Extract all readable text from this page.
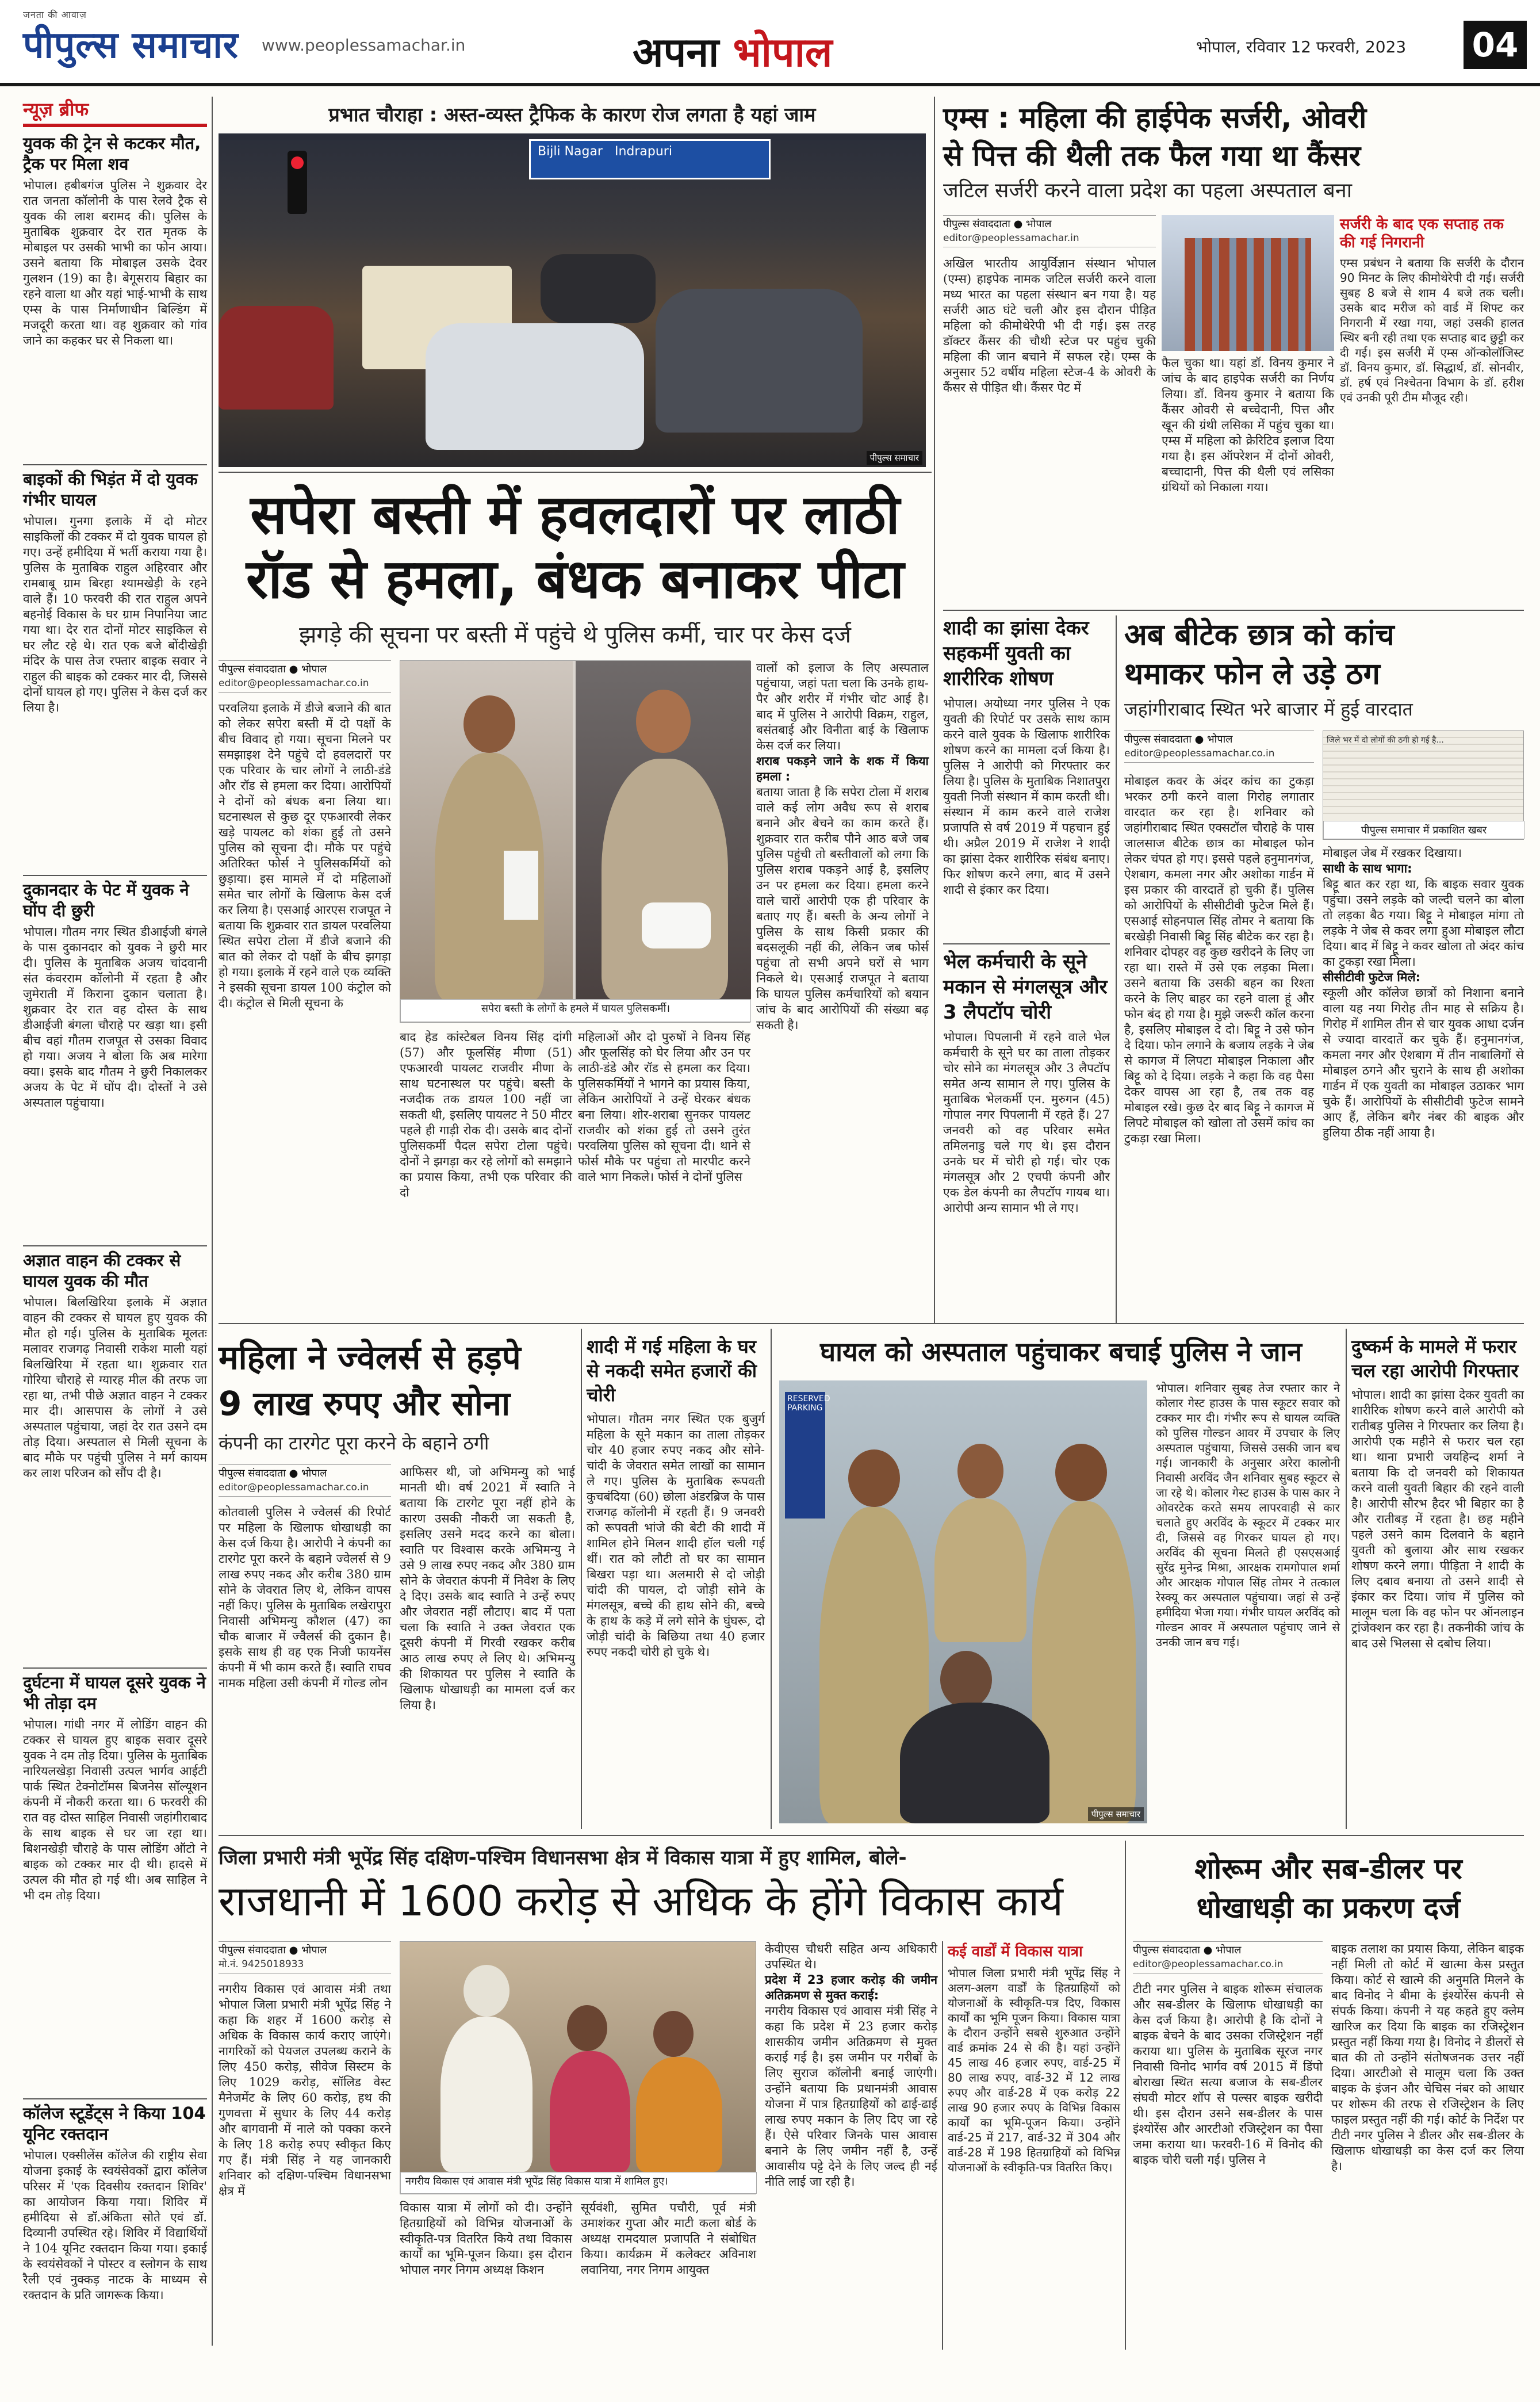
जनता की आवाज़
पीपुल्स समाचार www.peoplessamachar.in	अपना भोपाल	भोपाल, रविवार 12 फरवरी, 2023 04
न्यूज़ ब्रीफ
युवक की ट्रेन से कटकर मौत, ट्रैक पर मिला शव
भोपाल। हबीबगंज पुलिस ने शुक्रवार देर रात जनता कॉलोनी के पास रेलवे ट्रैक से युवक की लाश बरामद की। पुलिस के मुताबिक शुक्रवार देर रात मृतक के मोबाइल पर उसकी भाभी का फोन आया। उसने बताया कि मोबाइल उसके देवर गुलशन (19) का है। बेगूसराय बिहार का रहने वाला था और यहां भाई-भाभी के साथ एम्स के पास निर्माणाधीन बिल्डिंग में मजदूरी करता था। वह शुक्रवार को गांव जाने का कहकर घर से निकला था।
बाइकों की भिड़ंत में दो युवक गंभीर घायल
भोपाल। गुनगा इलाके में दो मोटर साइकिलों की टक्कर में दो युवक घायल हो गए। उन्हें हमीदिया में भर्ती कराया गया है। पुलिस के मुताबिक राहुल अहिरवार और रामबाबू ग्राम बिरहा श्यामखेड़ी के रहने वाले हैं। 10 फरवरी की रात राहुल अपने बहनोई विकास के घर ग्राम निपानिया जाट गया था। देर रात दोनों मोटर साइकिल से घर लौट रहे थे। रात एक बजे बोंदीखेड़ी मंदिर के पास तेज रफ्तार बाइक सवार ने राहुल की बाइक को टक्कर मार दी, जिससे दोनों घायल हो गए। पुलिस ने केस दर्ज कर लिया है।
दुकानदार के पेट में युवक ने घोंप दी छुरी
भोपाल। गौतम नगर स्थित डीआईजी बंगले के पास दुकानदार को युवक ने छुरी मार दी। पुलिस के मुताबिक अजय चांदवानी संत कंवरराम कॉलोनी में रहता है और जुमेराती में किराना दुकान चलाता है। शुक्रवार देर रात वह दोस्त के साथ डीआईजी बंगला चौराहे पर खड़ा था। इसी बीच वहां गौतम राजपूत से उसका विवाद हो गया। अजय ने बोला कि अब मारेगा क्या। इसके बाद गौतम ने छुरी निकालकर अजय के पेट में घोंप दी। दोस्तों ने उसे अस्पताल पहुंचाया।
अज्ञात वाहन की टक्कर से घायल युवक की मौत
भोपाल। बिलखिरिया इलाके में अज्ञात वाहन की टक्कर से घायल हुए युवक की मौत हो गई। पुलिस के मुताबिक मूलतः मलावर राजगढ़ निवासी राकेश माली यहां बिलखिरिया में रहता था। शुक्रवार रात गोरिया चौराहे से ग्यारह मील की तरफ जा रहा था, तभी पीछे अज्ञात वाहन ने टक्कर मार दी। आसपास के लोगों ने उसे अस्पताल पहुंचाया, जहां देर रात उसने दम तोड़ दिया। अस्पताल से मिली सूचना के बाद मौके पर पहुंची पुलिस ने मर्ग कायम कर लाश परिजन को सौंप दी है।
दुर्घटना में घायल दूसरे युवक ने भी तोड़ा दम
भोपाल। गांधी नगर में लोडिंग वाहन की टक्कर से घायल हुए बाइक सवार दूसरे युवक ने दम तोड़ दिया। पुलिस के मुताबिक नारियलखेड़ा निवासी उत्पल भार्गव आईटी पार्क स्थित टेक्नोटॉमस बिजनेस सॉल्यूशन कंपनी में नौकरी करता था। 6 फरवरी की रात वह दोस्त साहिल निवासी जहांगीराबाद के साथ बाइक से घर जा रहा था। बिशनखेड़ी चौराहे के पास लोडिंग ऑटो ने बाइक को टक्कर मार दी थी। हादसे में उत्पल की मौत हो गई थी। अब साहिल ने भी दम तोड़ दिया।
कॉलेज स्टूडेंट्स ने किया 104 यूनिट रक्तदान
भोपाल। एक्सीलेंस कॉलेज की राष्ट्रीय सेवा योजना इकाई के स्वयंसेवकों द्वारा कॉलेज परिसर में 'एक दिवसीय रक्तदान शिविर' का आयोजन किया गया। शिविर में हमीदिया से डॉ.अंकिता सोते एवं डॉ. दिव्यानी उपस्थित रहे। शिविर में विद्यार्थियों ने 104 यूनिट रक्तदान किया गया। इकाई के स्वयंसेवकों ने पोस्टर व स्लोगन के साथ रैली एवं नुक्कड़ नाटक के माध्यम से रक्तदान के प्रति जागरूक किया।
प्रभात चौराहा : अस्त-व्यस्त ट्रैफिक के कारण रोज लगता है यहां जाम
Bijli Nagar Indrapuri
पीपुल्स समाचार
एम्स : महिला की हाईपेक सर्जरी, ओवरी
से पित्त की थैली तक फैल गया था कैंसर
जटिल सर्जरी करने वाला प्रदेश का पहला अस्पताल बना
पीपुल्स संवाददाता ● भोपाल
editor@peoplessamachar.in
अखिल भारतीय आयुर्विज्ञान संस्थान भोपाल (एम्स) हाइपेक नामक जटिल सर्जरी करने वाला मध्य भारत का पहला संस्थान बन गया है। यह सर्जरी आठ घंटे चली और इस दौरान पीड़ित महिला को कीमोथेरेपी भी दी गई। इस तरह डॉक्टर कैंसर की चौथी स्टेज पर पहुंच चुकी महिला की जान बचाने में सफल रहे। एम्स के अनुसार 52 वर्षीय महिला स्टेज-4 के ओवरी के कैंसर से पीड़ित थी। कैंसर पेट में
फैल चुका था। यहां डॉ. विनय कुमार ने जांच के बाद हाइपेक सर्जरी का निर्णय लिया। डॉ. विनय कुमार ने बताया कि कैंसर ओवरी से बच्चेदानी, पित्त और खून की ग्रंथी लसिका में पहुंच चुका था। एम्स में महिला को क्रेरिटिव इलाज दिया गया है। इस ऑपरेशन में दोनों ओवरी, बच्चादानी, पित्त की थैली एवं लसिका ग्रंथियों को निकाला गया।
सर्जरी के बाद एक सप्ताह तक की गई निगरानी
एम्स प्रबंधन ने बताया कि सर्जरी के दौरान 90 मिनट के लिए कीमोथेरेपी दी गई। सर्जरी सुबह 8 बजे से शाम 4 बजे तक चली। उसके बाद मरीज को वार्ड में शिफ्ट कर निगरानी में रखा गया, जहां उसकी हालत स्थिर बनी रही तथा एक सप्ताह बाद छुट्टी कर दी गई। इस सर्जरी में एम्स ऑन्कोलॉजिस्ट डॉ. विनय कुमार, डॉ. सिद्धार्थ, डॉ. सोनवीर, डॉ. हर्ष एवं निश्चेतना विभाग के डॉ. हरीश एवं उनकी पूरी टीम मौजूद रही।
सपेरा बस्ती में हवलदारों पर लाठी
रॉड से हमला, बंधक बनाकर पीटा
झगड़े की सूचना पर बस्ती में पहुंचे थे पुलिस कर्मी, चार पर केस दर्ज
पीपुल्स संवाददाता ● भोपाल
editor@peoplessamachar.co.in
परवलिया इलाके में डीजे बजाने की बात को लेकर सपेरा बस्ती में दो पक्षों के बीच विवाद हो गया। सूचना मिलने पर समझाइश देने पहुंचे दो हवलदारों पर एक परिवार के चार लोगों ने लाठी-डंडे और रॉड से हमला कर दिया। आरोपियों ने दोनों को बंधक बना लिया था। घटनास्थल से कुछ दूर एफआरवी लेकर खड़े पायलट को शंका हुई तो उसने पुलिस को सूचना दी। मौके पर पहुंचे अतिरिक्त फोर्स ने पुलिसकर्मियों को छुड़ाया। इस मामले में दो महिलाओं समेत चार लोगों के खिलाफ केस दर्ज कर लिया है। एसआई आरएस राजपूत ने बताया कि शुक्रवार रात डायल परवलिया स्थित सपेरा टोला में डीजे बजाने की बात को लेकर दो पक्षों के बीच झगड़ा हो गया। इलाके में रहने वाले एक व्यक्ति ने इसकी सूचना डायल 100 कंट्रोल को दी। कंट्रोल से मिली सूचना के	सपेरा बस्ती के लोगों के हमले में घायल पुलिसकर्मी।
बाद हेड कांस्टेबल विनय सिंह दांगी (57) और फूलसिंह मीणा (51) एफआरवी पायलट राजवीर मीणा के साथ घटनास्थल पर पहुंचे। बस्ती के नजदीक तक डायल 100 नहीं जा सकती थी, इसलिए पायलट ने 50 मीटर पहले ही गाड़ी रोक दी। उसके बाद दोनों पुलिसकर्मी पैदल सपेरा टोला पहुंचे। दोनों ने झगड़ा कर रहे लोगों को समझाने का प्रयास किया, तभी एक परिवार की दो
महिलाओं और दो पुरुषों ने विनय सिंह और फूलसिंह को घेर लिया और उन पर लाठी-डंडे और रॉड से हमला कर दिया। पुलिसकर्मियों ने भागने का प्रयास किया, लेकिन आरोपियों ने उन्हें घेरकर बंधक बना लिया। शोर-शराबा सुनकर पायलट राजवीर को शंका हुई तो उसने तुरंत परवलिया पुलिस को सूचना दी। थाने से फोर्स मौके पर पहुंचा तो मारपीट करने वाले भाग निकले। फोर्स ने दोनों पुलिस
वालों को इलाज के लिए अस्पताल पहुंचाया, जहां पता चला कि उनके हाथ-पैर और शरीर में गंभीर चोट आई है। बाद में पुलिस ने आरोपी विक्रम, राहुल, बसंतबाई और विनीता बाई के खिलाफ केस दर्ज कर लिया।
शराब पकड़ने जाने के शक में किया हमला :
बताया जाता है कि सपेरा टोला में शराब वाले कई लोग अवैध रूप से शराब बनाने और बेचने का काम करते हैं। शुक्रवार रात करीब पौने आठ बजे जब पुलिस पहुंची तो बस्तीवालों को लगा कि पुलिस शराब पकड़ने आई है, इसलिए उन पर हमला कर दिया। हमला करने वाले चारों आरोपी एक ही परिवार के बताए गए हैं। बस्ती के अन्य लोगों ने पुलिस के साथ किसी प्रकार की बदसलूकी नहीं की, लेकिन जब फोर्स पहुंचा तो सभी अपने घरों से भाग निकले थे। एसआई राजपूत ने बताया कि घायल पुलिस कर्मचारियों को बयान जांच के बाद आरोपियों की संख्या बढ़ सकती है।
शादी का झांसा देकर सहकर्मी युवती का शारीरिक शोषण
भोपाल। अयोध्या नगर पुलिस ने एक युवती की रिपोर्ट पर उसके साथ काम करने वाले युवक के खिलाफ शारीरिक शोषण करने का मामला दर्ज किया है। पुलिस ने आरोपी को गिरफ्तार कर लिया है। पुलिस के मुताबिक निशातपुरा युवती निजी संस्थान में काम करती थी। संस्थान में काम करने वाले राजेश प्रजापति से वर्ष 2019 में पहचान हुई थी। अप्रैल 2019 में राजेश ने शादी का झांसा देकर शारीरिक संबंध बनाए। फिर शोषण करने लगा, बाद में उसने शादी से इंकार कर दिया।
भेल कर्मचारी के सूने मकान से मंगलसूत्र और 3 लैपटॉप चोरी
भोपाल। पिपलानी में रहने वाले भेल कर्मचारी के सूने घर का ताला तोड़कर चोर सोने का मंगलसूत्र और 3 लैपटॉप समेत अन्य सामान ले गए। पुलिस के मुताबिक भेलकर्मी एन. मुरुगन (45) गोपाल नगर पिपलानी में रहते हैं। 27 जनवरी को वह परिवार समेत तमिलनाडु चले गए थे। इस दौरान उनके घर में चोरी हो गई। चोर एक मंगलसूत्र और 2 एचपी कंपनी और एक डेल कंपनी का लैपटॉप गायब था। आरोपी अन्य सामान भी ले गए।
अब बीटेक छात्र को कांच
थमाकर फोन ले उड़े ठग
जहांगीराबाद स्थित भरे बाजार में हुई वारदात
पीपुल्स संवाददाता ● भोपाल
editor@peoplessamachar.co.in
मोबाइल कवर के अंदर कांच का टुकड़ा भरकर ठगी करने वाला गिरोह लगातार वारदात कर रहा है। शनिवार को जहांगीराबाद स्थित एक्सटॉल चौराहे के पास जालसाज बीटेक छात्र का मोबाइल फोन लेकर चंपत हो गए। इससे पहले हनुमानगंज, ऐशबाग, कमला नगर और अशोका गार्डन में इस प्रकार की वारदातें हो चुकी हैं। पुलिस को आरोपियों के सीसीटीवी फुटेज मिले हैं। एसआई सोहनपाल सिंह तोमर ने बताया कि बरखेड़ी निवासी बिट्टू सिंह बीटेक कर रहा है। शनिवार दोपहर वह कुछ खरीदने के लिए जा रहा था। रास्ते में उसे एक लड़का मिला। उसने बताया कि उसकी बहन का रिश्ता करने के लिए बाहर का रहने वाला हूं और फोन बंद हो गया है। मुझे जरूरी कॉल करना है, इसलिए मोबाइल दे दो। बिट्टू ने उसे फोन दे दिया। फोन लगाने के बजाय लड़के ने जेब से कागज में लिपटा मोबाइल निकाला और बिट्टू को दे दिया। लड़के ने कहा कि वह पैसा देकर वापस आ रहा है, तब तक वह मोबाइल रखे। कुछ देर बाद बिट्टू ने कागज में लिपटे मोबाइल को खोला तो उसमें कांच का टुकड़ा रखा मिला।
जिले भर में दो लोगों की ठगी हो गई है...
पीपुल्स समाचार में प्रकाशित खबर
मोबाइल जेब में रखकर दिखाया।
साथी के साथ भागा:
बिट्टू बात कर रहा था, कि बाइक सवार युवक पहुंचा। उसने लड़के को जल्दी चलने का बोला तो लड़का बैठ गया। बिट्टू ने मोबाइल मांगा तो लड़के ने जेब से कवर लगा हुआ मोबाइल लौटा दिया। बाद में बिट्टू ने कवर खोला तो अंदर कांच का टुकड़ा रखा मिला।
सीसीटीवी फुटेज मिले:
स्कूली और कॉलेज छात्रों को निशाना बनाने वाला यह नया गिरोह तीन माह से सक्रिय है। गिरोह में शामिल तीन से चार युवक आधा दर्जन से ज्यादा वारदातें कर चुके हैं। हनुमानगंज, कमला नगर और ऐशबाग में तीन नाबालिगों से मोबाइल ठगने और चुराने के साथ ही अशोका गार्डन में एक युवती का मोबाइल उठाकर भाग चुके हैं। आरोपियों के सीसीटीवी फुटेज सामने आए हैं, लेकिन बगैर नंबर की बाइक और हुलिया ठीक नहीं आया है।
महिला ने ज्वेलर्स से हड़पे
9 लाख रुपए और सोना
कंपनी का टारगेट पूरा करने के बहाने ठगी
पीपुल्स संवाददाता ● भोपाल
editor@peoplessamachar.co.in
कोतवाली पुलिस ने ज्वेलर्स की रिपोर्ट पर महिला के खिलाफ धोखाधड़ी का केस दर्ज किया है। आरोपी ने कंपनी का टारगेट पूरा करने के बहाने ज्वेलर्स से 9 लाख रुपए नकद और करीब 380 ग्राम सोने के जेवरात लिए थे, लेकिन वापस नहीं किए। पुलिस के मुताबिक लखेरापुरा निवासी अभिमन्यु कौशल (47) का चौक बाजार में ज्वैलर्स की दुकान है। इसके साथ ही वह एक निजी फायनेंस कंपनी में भी काम करते हैं। स्वाति राघव नामक महिला उसी कंपनी में गोल्ड लोन
आफिसर थी, जो अभिमन्यु को भाई मानती थी। वर्ष 2021 में स्वाति ने बताया कि टारगेट पूरा नहीं होने के कारण उसकी नौकरी जा सकती है, इसलिए उसने मदद करने का बोला। स्वाति पर विश्वास करके अभिमन्यु ने उसे 9 लाख रुपए नकद और 380 ग्राम सोने के जेवरात कंपनी में निवेश के लिए दे दिए। उसके बाद स्वाति ने उन्हें रुपए और जेवरात नहीं लौटाए। बाद में पता चला कि स्वाति ने उक्त जेवरात एक दूसरी कंपनी में गिरवी रखकर करीब आठ लाख रुपए ले लिए थे। अभिमन्यु की शिकायत पर पुलिस ने स्वाति के खिलाफ धोखाधड़ी का मामला दर्ज कर लिया है।
शादी में गई महिला के घर से नकदी समेत हजारों की चोरी
भोपाल। गौतम नगर स्थित एक बुजुर्ग महिला के सूने मकान का ताला तोड़कर चोर 40 हजार रुपए नकद और सोने-चांदी के जेवरात समेत लाखों का सामान ले गए। पुलिस के मुताबिक रूपवती कुचबंदिया (60) छोला अंडरब्रिज के पास राजगढ़ कॉलोनी में रहती हैं। 9 जनवरी को रूपवती भांजे की बेटी की शादी में शामिल होने मिलन शादी हॉल चली गई थीं। रात को लौटी तो घर का सामान बिखरा पड़ा था। अलमारी से दो जोड़ी चांदी की पायल, दो जोड़ी सोने के मंगलसूत्र, बच्चे की हाथ सोने की, बच्चे के हाथ के कड़े में लगे सोने के घुंघरू, दो जोड़ी चांदी के बिछिया तथा 40 हजार रुपए नकदी चोरी हो चुके थे।
घायल को अस्पताल पहुंचाकर बचाई पुलिस ने जान
RESERVED PARKING
पीपुल्स समाचार
भोपाल। शनिवार सुबह तेज रफ्तार कार ने कोलार गेस्ट हाउस के पास स्कूटर सवार को टक्कर मार दी। गंभीर रूप से घायल व्यक्ति को पुलिस गोल्डन आवर में उपचार के लिए अस्पताल पहुंचाया, जिससे उसकी जान बच गई। जानकारी के अनुसार अरेरा कालोनी निवासी अरविंद जैन शनिवार सुबह स्कूटर से जा रहे थे। कोलार गेस्ट हाउस के पास कार ने ओवरटेक करते समय लापरवाही से कार चलाते हुए अरविंद के स्कूटर में टक्कर मार दी, जिससे वह गिरकर घायल हो गए। अरविंद की सूचना मिलते ही एसएसआई सुरेंद्र मुनेन्द्र मिश्रा, आरक्षक रामगोपाल शर्मा और आरक्षक गोपाल सिंह तोमर ने तत्काल रेस्क्यू कर अस्पताल पहुंचाया। जहां से उन्हें हमीदिया भेजा गया। गंभीर घायल अरविंद को गोल्डन आवर में अस्पताल पहुंचाए जाने से उनकी जान बच गई।
दुष्कर्म के मामले में फरार चल रहा आरोपी गिरफ्तार
भोपाल। शादी का झांसा देकर युवती का शारीरिक शोषण करने वाले आरोपी को रातीबड़ पुलिस ने गिरफ्तार कर लिया है। आरोपी एक महीने से फरार चल रहा था। थाना प्रभारी जयहिन्द शर्मा ने बताया कि दो जनवरी को शिकायत करने वाली युवती बिहार की रहने वाली है। आरोपी सौरभ हैदर भी बिहार का है और रातीबड़ में रहता है। छह महीने पहले उसने काम दिलवाने के बहाने युवती को बुलाया और साथ रखकर शोषण करने लगा। पीड़िता ने शादी के लिए दबाव बनाया तो उसने शादी से इंकार कर दिया। जांच में पुलिस को मालूम चला कि वह फोन पर ऑनलाइन ट्रांजेक्शन कर रहा है। तकनीकी जांच के बाद उसे भिलसा से दबोच लिया।
जिला प्रभारी मंत्री भूपेंद्र सिंह दक्षिण-पश्चिम विधानसभा क्षेत्र में विकास यात्रा में हुए शामिल, बोले-
राजधानी में 1600 करोड़ से अधिक के होंगे विकास कार्य
पीपुल्स संवाददाता ● भोपाल
मो.नं. 9425018933
नगरीय विकास एवं आवास मंत्री तथा भोपाल जिला प्रभारी मंत्री भूपेंद्र सिंह ने कहा कि शहर में 1600 करोड़ से अधिक के विकास कार्य कराए जाएंगे। नागरिकों को पेयजल उपलब्ध कराने के लिए 450 करोड़, सीवेज सिस्टम के लिए 1029 करोड़, सॉलिड वेस्ट मैनेजमेंट के लिए 60 करोड़, हथ की गुणवत्ता में सुधार के लिए 44 करोड़ और बागवानी में नाले को पक्का करने के लिए 18 करोड़ रुपए स्वीकृत किए गए हैं। मंत्री सिंह ने यह जानकारी शनिवार को दक्षिण-पश्चिम विधानसभा क्षेत्र में
नगरीय विकास एवं आवास मंत्री भूपेंद्र सिंह विकास यात्रा में शामिल हुए।
विकास यात्रा में लोगों को दी। उन्होंने हितग्राहियों को विभिन्न योजनाओं के स्वीकृति-पत्र वितरित किये तथा विकास कार्यों का भूमि-पूजन किया। इस दौरान भोपाल नगर निगम अध्यक्ष किशन
सूर्यवंशी, सुमित पचौरी, पूर्व मंत्री उमाशंकर गुप्ता और माटी कला बोर्ड के अध्यक्ष रामदयाल प्रजापति ने संबोधित किया। कार्यक्रम में कलेक्टर अविनाश लवानिया, नगर निगम आयुक्त
केवीएस चौधरी सहित अन्य अधिकारी उपस्थित थे।
प्रदेश में 23 हजार करोड़ की जमीन अतिक्रमण से मुक्त कराई:
नगरीय विकास एवं आवास मंत्री सिंह ने कहा कि प्रदेश में 23 हजार करोड़ शासकीय जमीन अतिक्रमण से मुक्त कराई गई है। इस जमीन पर गरीबों के लिए सुराज कॉलोनी बनाई जाएंगी। उन्होंने बताया कि प्रधानमंत्री आवास योजना में पात्र हितग्राहियों को ढाई-ढाई लाख रुपए मकान के लिए दिए जा रहे हैं। ऐसे परिवार जिनके पास आवास बनाने के लिए जमीन नहीं है, उन्हें आवासीय पट्टे देने के लिए जल्द ही नई नीति लाई जा रही है।
कई वार्डों में विकास यात्रा
भोपाल जिला प्रभारी मंत्री भूपेंद्र सिंह ने अलग-अलग वार्डों के हितग्राहियों को योजनाओं के स्वीकृति-पत्र दिए, विकास कार्यों का भूमि पूजन किया। विकास यात्रा के दौरान उन्होंने सबसे शुरुआत उन्होंने वार्ड क्रमांक 24 से की है। यहां उन्होंने 45 लाख 46 हजार रुपए, वार्ड-25 में 80 लाख रुपए, वार्ड-32 में 12 लाख रुपए और वार्ड-28 में एक करोड़ 22 लाख 90 हजार रुपए के विभिन्न विकास कार्यों का भूमि-पूजन किया। उन्होंने वार्ड-25 में 217, वार्ड-32 में 304 और वार्ड-28 में 198 हितग्राहियों को विभिन्न योजनाओं के स्वीकृति-पत्र वितरित किए।
शोरूम और सब-डीलर पर
धोखाधड़ी का प्रकरण दर्ज
पीपुल्स संवाददाता ● भोपाल
editor@peoplessamachar.co.in
टीटी नगर पुलिस ने बाइक शोरूम संचालक और सब-डीलर के खिलाफ धोखाधड़ी का केस दर्ज किया है। आरोपी है कि दोनों ने बाइक बेचने के बाद उसका रजिस्ट्रेशन नहीं कराया था। पुलिस के मुताबिक सूरज नगर निवासी विनोद भार्गव वर्ष 2015 में डिंपो बोराखा स्थित सत्या बजाज के सब-डीलर संघवी मोटर शॉप से पल्सर बाइक खरीदी थी। इस दौरान उसने सब-डीलर के पास इंश्योरेंस और आरटीओ रजिस्ट्रेशन का पैसा जमा कराया था। फरवरी-16 में विनोद की बाइक चोरी चली गई। पुलिस ने
बाइक तलाश का प्रयास किया, लेकिन बाइक नहीं मिली तो कोर्ट में खात्मा केस प्रस्तुत किया। कोर्ट से खात्मे की अनुमति मिलने के बाद विनोद ने बीमा के इंश्योरेंस कंपनी से संपर्क किया। कंपनी ने यह कहते हुए क्लेम खारिज कर दिया कि बाइक का रजिस्ट्रेशन प्रस्तुत नहीं किया गया है। विनोद ने डीलरों से बात की तो उन्होंने संतोषजनक उत्तर नहीं दिया। आरटीओ से मालूम चला कि उक्त बाइक के इंजन और चेचिस नंबर को आधार पर शोरूम की तरफ से रजिस्ट्रेशन के लिए फाइल प्रस्तुत नहीं की गई। कोर्ट के निर्देश पर टीटी नगर पुलिस ने डीलर और सब-डीलर के खिलाफ धोखाधड़ी का केस दर्ज कर लिया है।
